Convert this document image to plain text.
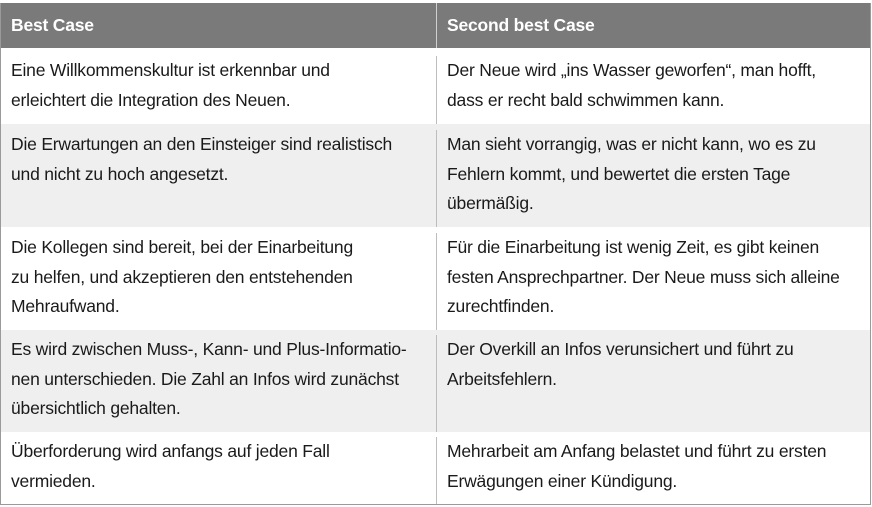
Best Case	Second best Case
Eine Willkommenskultur ist erkennbar und
erleichtert die Integration des Neuen.
Der Neue wird „ins Wasser geworfen“, man hofft,
dass er recht bald schwimmen kann.
Die Erwartungen an den Einsteiger sind realistisch
und nicht zu hoch angesetzt.
Man sieht vorrangig, was er nicht kann, wo es zu
Fehlern kommt, und bewertet die ersten Tage
übermäßig.
Die Kollegen sind bereit, bei der Einarbeitung
zu helfen, und akzeptieren den entstehenden
Mehraufwand.
Für die Einarbeitung ist wenig Zeit, es gibt keinen
festen Ansprechpartner. Der Neue muss sich alleine
zurechtfinden.
Es wird zwischen Muss-, Kann- und Plus-Informatio-
nen unterschieden. Die Zahl an Infos wird zunächst
übersichtlich gehalten.
Der Overkill an Infos verunsichert und führt zu
Arbeitsfehlern.
Überforderung wird anfangs auf jeden Fall
vermieden.
Mehrarbeit am Anfang belastet und führt zu ersten
Erwägungen einer Kündigung.
